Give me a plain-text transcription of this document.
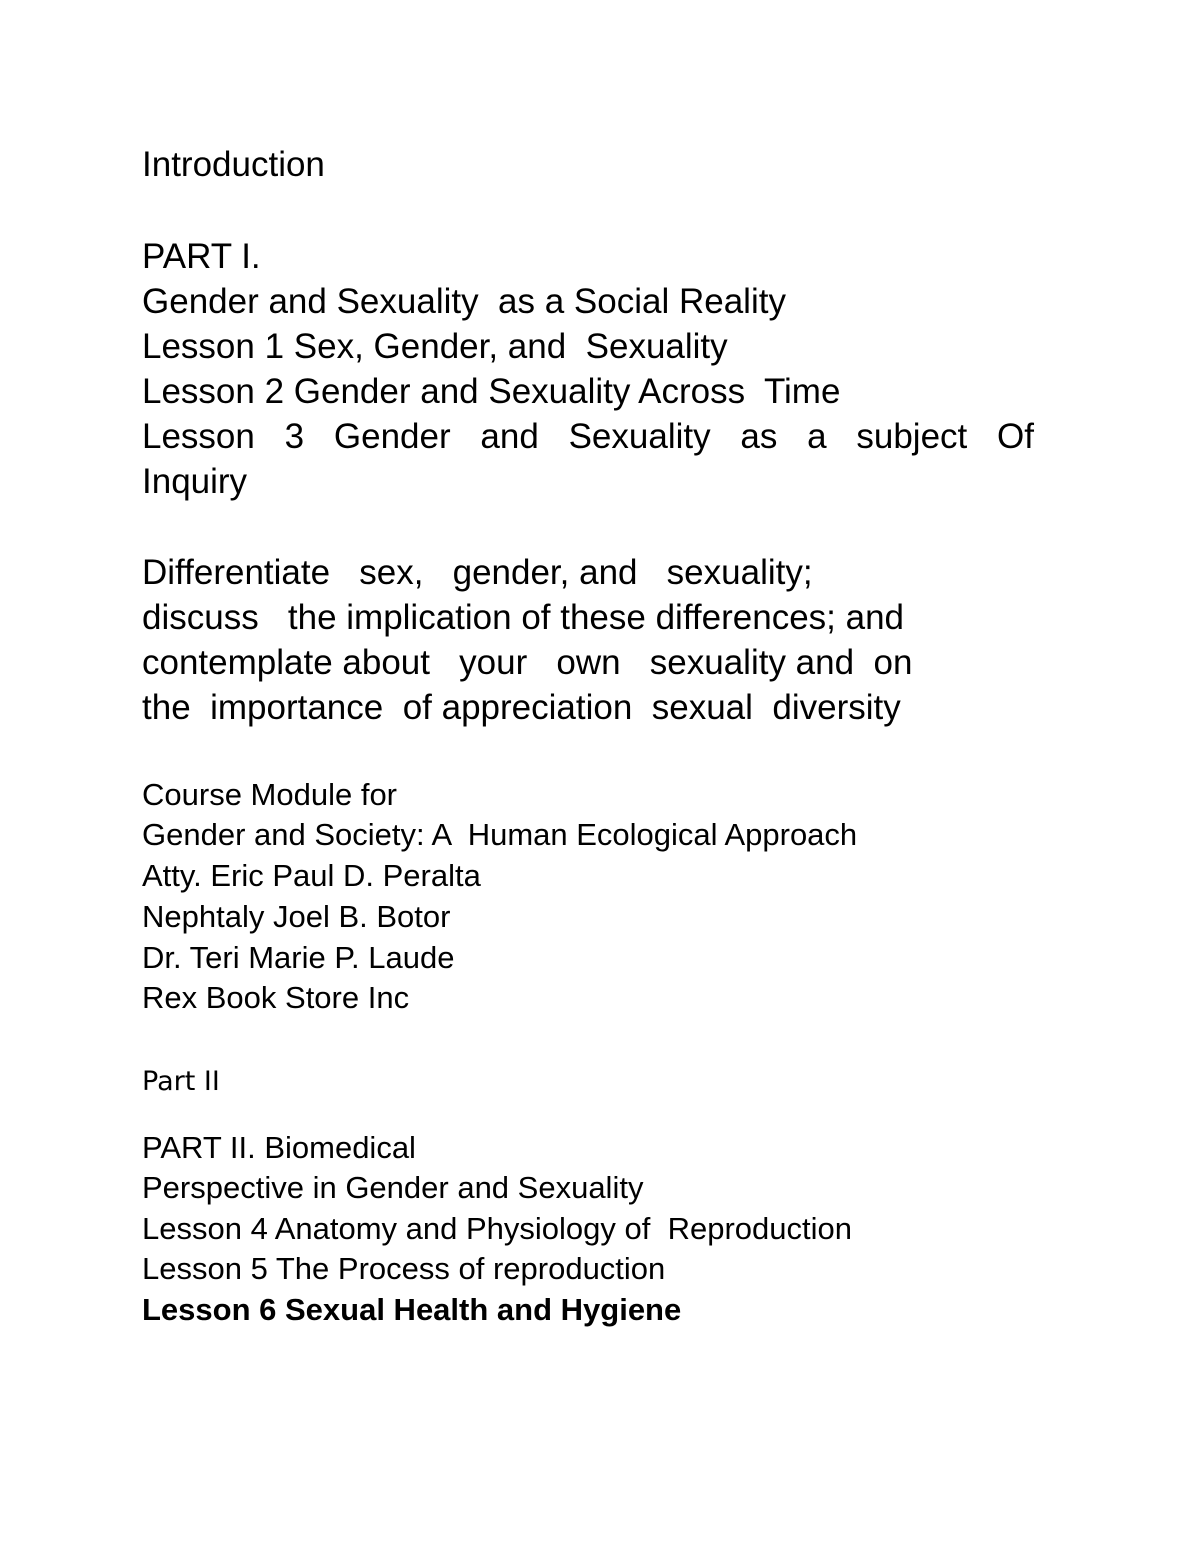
Introduction

PART I.

Gender and Sexuality  as a Social Reality

Lesson 1 Sex, Gender, and  Sexuality

Lesson 2 Gender and Sexuality Across  Time

Lesson 3 Gender and Sexuality as a subject Of

Inquiry

Differentiate   sex,   gender, and   sexuality;

discuss   the implication of these differences; and

contemplate about   your   own   sexuality and  on

the  importance  of appreciation  sexual  diversity

Course Module for

Gender and Society: A  Human Ecological Approach

Atty. Eric Paul D. Peralta

Nephtaly Joel B. Botor

Dr. Teri Marie P. Laude

Rex Book Store Inc

Part II

PART II. Biomedical

Perspective in Gender and Sexuality

Lesson 4 Anatomy and Physiology of  Reproduction

Lesson 5 The Process of reproduction

Lesson 6 Sexual Health and Hygiene
